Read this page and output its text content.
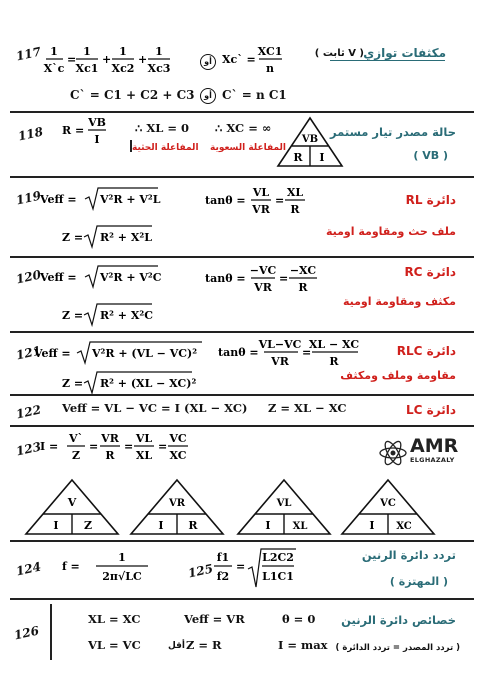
117 1
X`c
=
1
Xc1
+
1
Xc2
+
1
Xc3
أو Xc` =
XC1
n
مكثفات توازي
( V ثابت )
C` = C1 + C2 + C3	أو C` = n C1
118 R =
VB
I
∴ XL = 0 ∴ XC = ∞
المفاعلة الحثية المفاعلة السعوية
VB
R I
حالة مصدر تيار مستمر
( VB )
119
Veff = V²R + V²L	tanθ =
VL
VR
=
XL
R
Z = R² + X²L
دائرة RL
ملف حث ومقاومة اومية
120
Veff = V²R + V²C	tanθ =
−VC
VR
=
−XC
R
Z = R² + X²C
دائرة RC
مكثف ومقاومة اومية
121
Veff = V²R + (VL − VC)² tanθ =
VL−VC
VR
=
XL − XC
R
Z = R² + (XL − XC)²
دائرة RLC
مقاومة وملف ومكثف
122 Veff = VL − VC = I (XL − XC) Z = XL − XC	دائرة LC
123
I =
V`
Z
=
VR
R
=
VL
XL
=
VC
XC	AMR
ELGHAZALY
V
I Z
VR
I R
VL
I XL
VC
I XC
124 f =
1
2π√LC	125
f1
f2
=
L2C2
L1C1
تردد دائرة الرنين
( المهتزة )
126
XL = XC	Veff = VR	θ = 0
VL = VC	أقل Z = R	I = max
خصائص دائرة الرنين
( تردد المصدر = تردد الدائرة )
